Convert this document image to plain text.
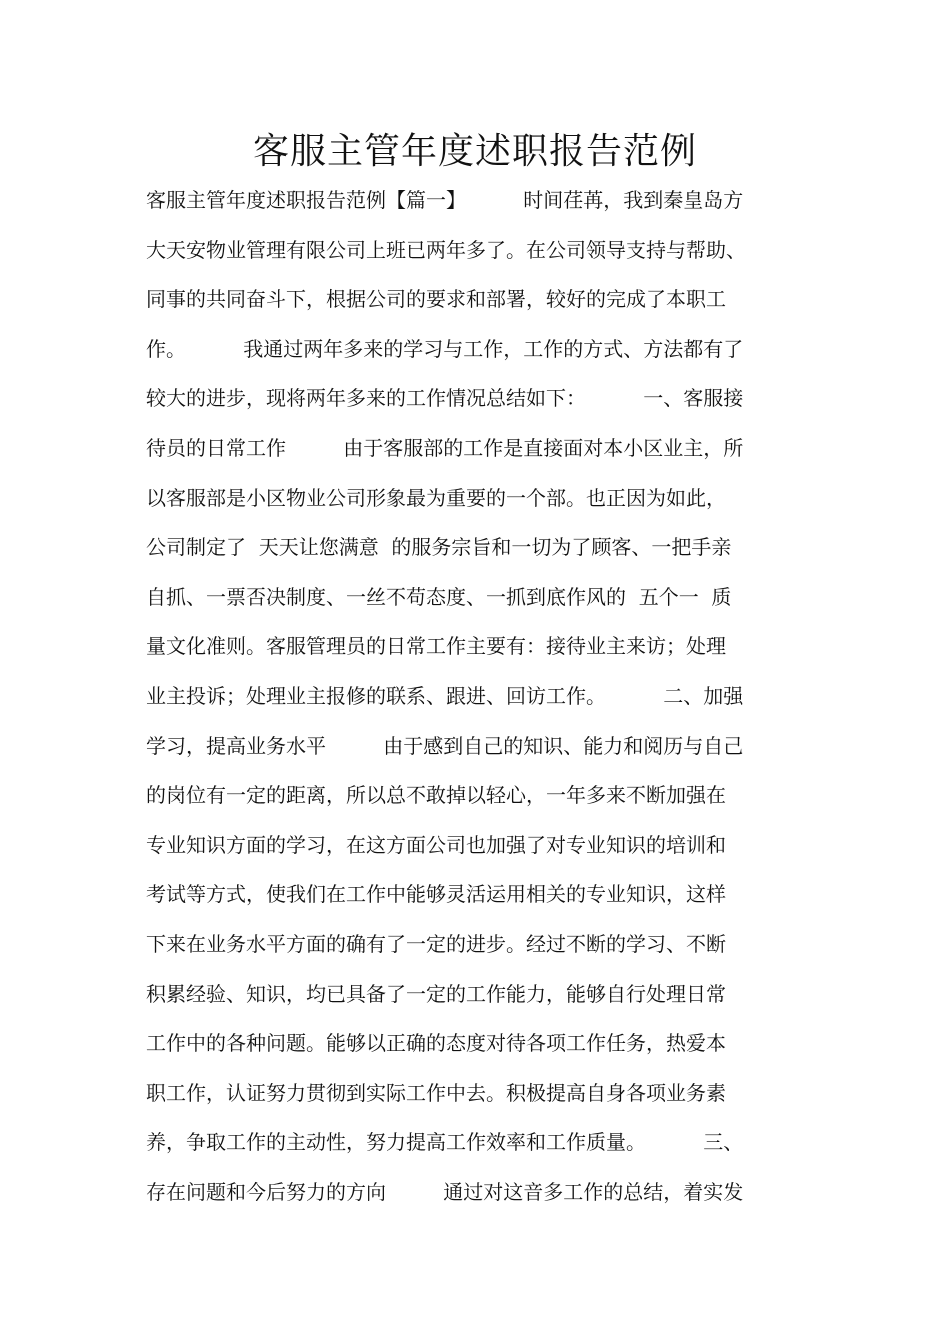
客服主管年度述职报告范例
客服主管年度述职报告范例【篇一】         时间荏苒，我到秦皇岛方
大天安物业管理有限公司上班已两年多了。在公司领导支持与帮助、
同事的共同奋斗下，根据公司的要求和部署，较好的完成了本职工
作。         我通过两年多来的学习与工作，工作的方式、方法都有了
较大的进步，现将两年多来的工作情况总结如下：         一、客服接
待员的日常工作         由于客服部的工作是直接面对本小区业主，所
以客服部是小区物业公司形象最为重要的一个部。也正因为如此，
公司制定了  天天让您满意  的服务宗旨和一切为了顾客、一把手亲
自抓、一票否决制度、一丝不苟态度、一抓到底作风的  五个一  质
量文化准则。客服管理员的日常工作主要有：接待业主来访；处理
业主投诉；处理业主报修的联系、跟进、回访工作。         二、加强
学习，提高业务水平         由于感到自己的知识、能力和阅历与自己
的岗位有一定的距离，所以总不敢掉以轻心，一年多来不断加强在
专业知识方面的学习，在这方面公司也加强了对专业知识的培训和
考试等方式，使我们在工作中能够灵活运用相关的专业知识，这样
下来在业务水平方面的确有了一定的进步。经过不断的学习、不断
积累经验、知识，均已具备了一定的工作能力，能够自行处理日常
工作中的各种问题。能够以正确的态度对待各项工作任务，热爱本
职工作，认证努力贯彻到实际工作中去。积极提高自身各项业务素
养，争取工作的主动性，努力提高工作效率和工作质量。         三、
存在问题和今后努力的方向         通过对这音多工作的总结，着实发
